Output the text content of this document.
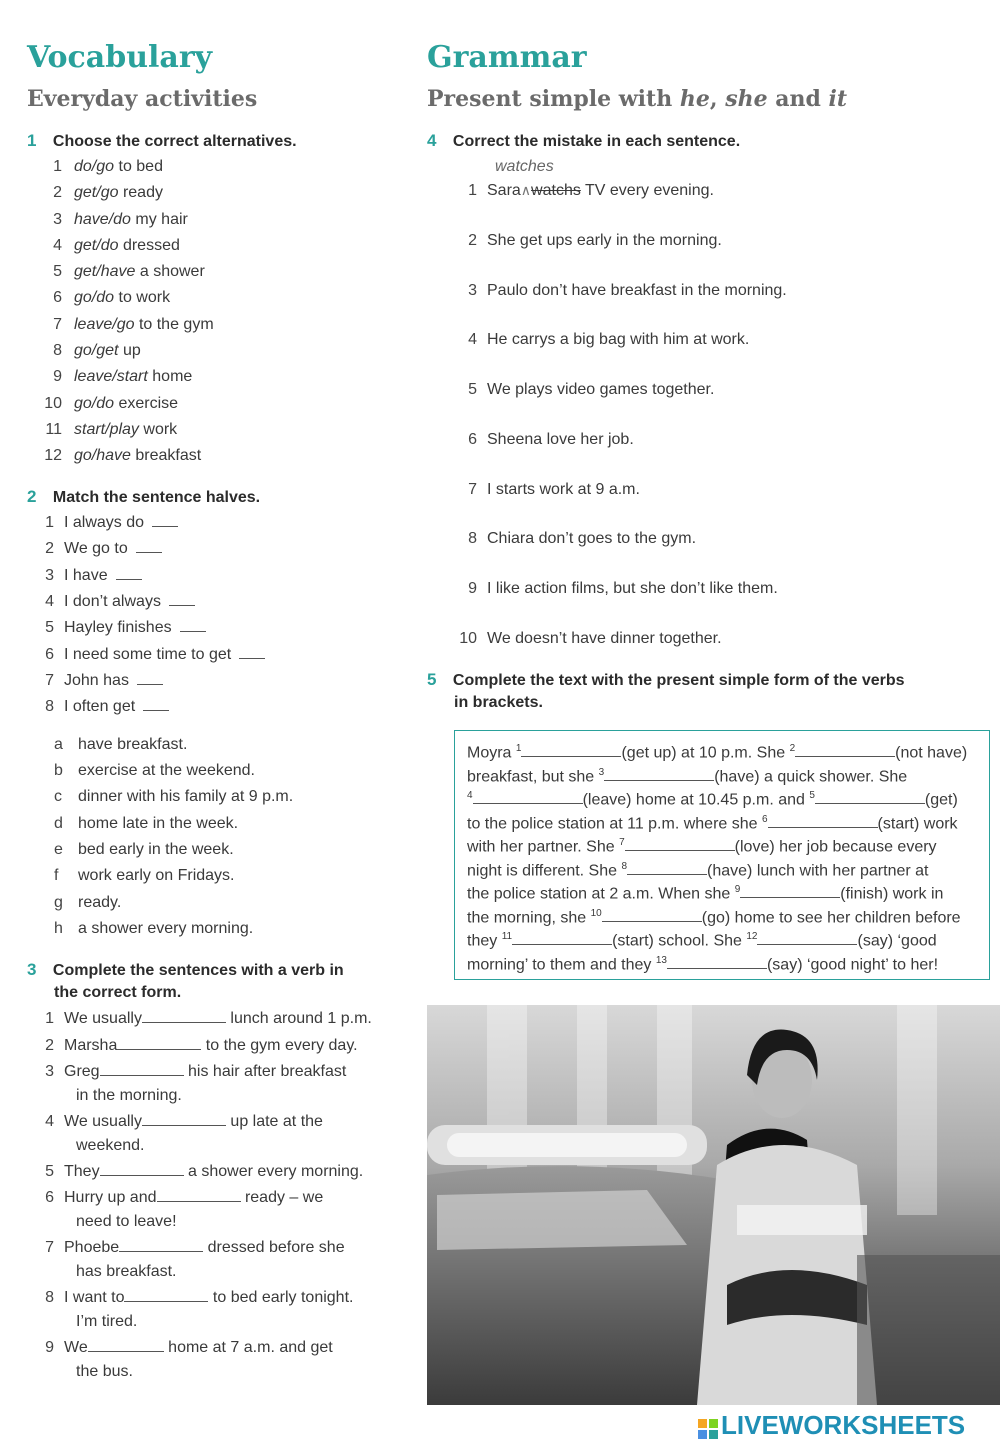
Vocabulary
Everyday activities
1 Choose the correct alternatives.
1 do/go to bed
2 get/go ready
3 have/do my hair
4 get/do dressed
5 get/have a shower
6 go/do to work
7 leave/go to the gym
8 go/get up
9 leave/start home
10 go/do exercise
11 start/play work
12 go/have breakfast
2 Match the sentence halves.
1 I always do
2 We go to
3 I have
4 I don’t always
5 Hayley finishes
6 I need some time to get
7 John has
8 I often get
a have breakfast.
b exercise at the weekend.
c dinner with his family at 9 p.m.
d home late in the week.
e bed early in the week.
f work early on Fridays.
g ready.
h a shower every morning.
3 Complete the sentences with a verb in
the correct form.
1 We usually	lunch around 1 p.m.
2 Marsha	to the gym every day.
3 Greg	his hair after breakfast
in the morning.
4 We usually	up late at the
weekend.
5 They	a shower every morning.
6 Hurry up and	ready – we
need to leave!
7 Phoebe	dressed before she
has breakfast.
8 I want to	to bed early tonight.
I’m tired.
9 We	home at 7 a.m. and get
the bus.
Grammar
Present simple with he, she and it
4 Correct the mistake in each sentence.
watches
1 Sara∧watchs TV every evening.
2 She get ups early in the morning.
3 Paulo don’t have breakfast in the morning.
4 He carrys a big bag with him at work.
5 We plays video games together.
6 Sheena love her job.
7 I starts work at 9 a.m.
8 Chiara don’t goes to the gym.
9 I like action films, but she don’t like them.
10 We doesn’t have dinner together.
5 Complete the text with the present simple form of the verbs
in brackets.
Moyra $^1$	(get up) at 10 p.m. She $^2$	(not have)
breakfast, but she $^3$	(have) a quick shower. She
$^4$	(leave) home at 10.45 p.m. and $^5$	(get)
to the police station at 11 p.m. where she $^6$	(start) work
with her partner. She $^7$	(love) her job because every
night is different. She $^8$	(have) lunch with her partner at
the police station at 2 a.m. When she $^9$	(finish) work in
the morning, she $^{10}$	(go) home to see her children before
they $^{11}$	(start) school. She $^{12}$	(say) ‘good
morning’ to them and they $^{13}$	(say) ‘good night’ to her!
LIVEWORKSHEETS
